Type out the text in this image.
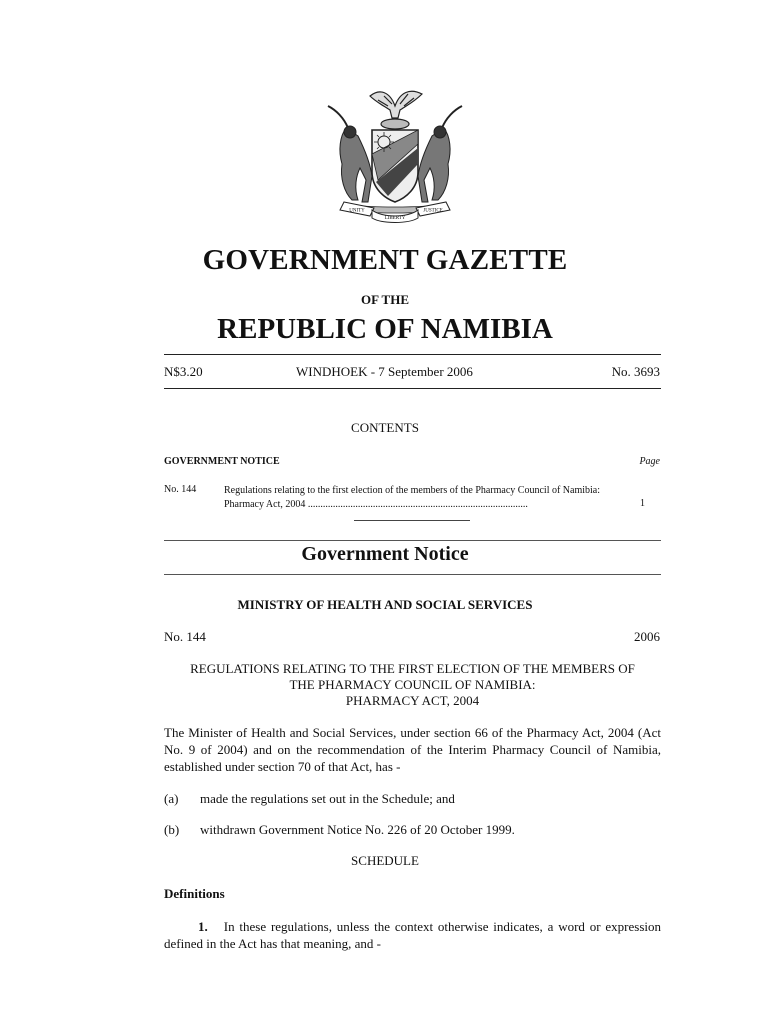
UNITY
LIBERTY
JUSTICE
GOVERNMENT GAZETTE
OF THE
REPUBLIC OF NAMIBIA
N$3.20	WINDHOEK - 7 September 2006	No. 3693
CONTENTS
GOVERNMENT NOTICE	Page
No. 144	Regulations relating to the first election of the members of the Pharmacy Council of Namibia: Pharmacy Act, 2004 ........................................................................................	1
Government Notice
MINISTRY OF HEALTH AND SOCIAL SERVICES
No. 144	2006
REGULATIONS RELATING TO THE FIRST ELECTION OF THE MEMBERS OF
THE PHARMACY COUNCIL OF NAMIBIA:
PHARMACY ACT, 2004
The Minister of Health and Social Services, under section 66 of the Pharmacy Act, 2004 (Act No. 9 of 2004) and on the recommendation of the Interim Pharmacy Council of Namibia, established under section 70 of that Act, has -
(a) made the regulations set out in the Schedule; and
(b) withdrawn Government Notice No. 226 of 20 October 1999.
SCHEDULE
Definitions
1. In these regulations, unless the context otherwise indicates, a word or expression defined in the Act has that meaning, and -
